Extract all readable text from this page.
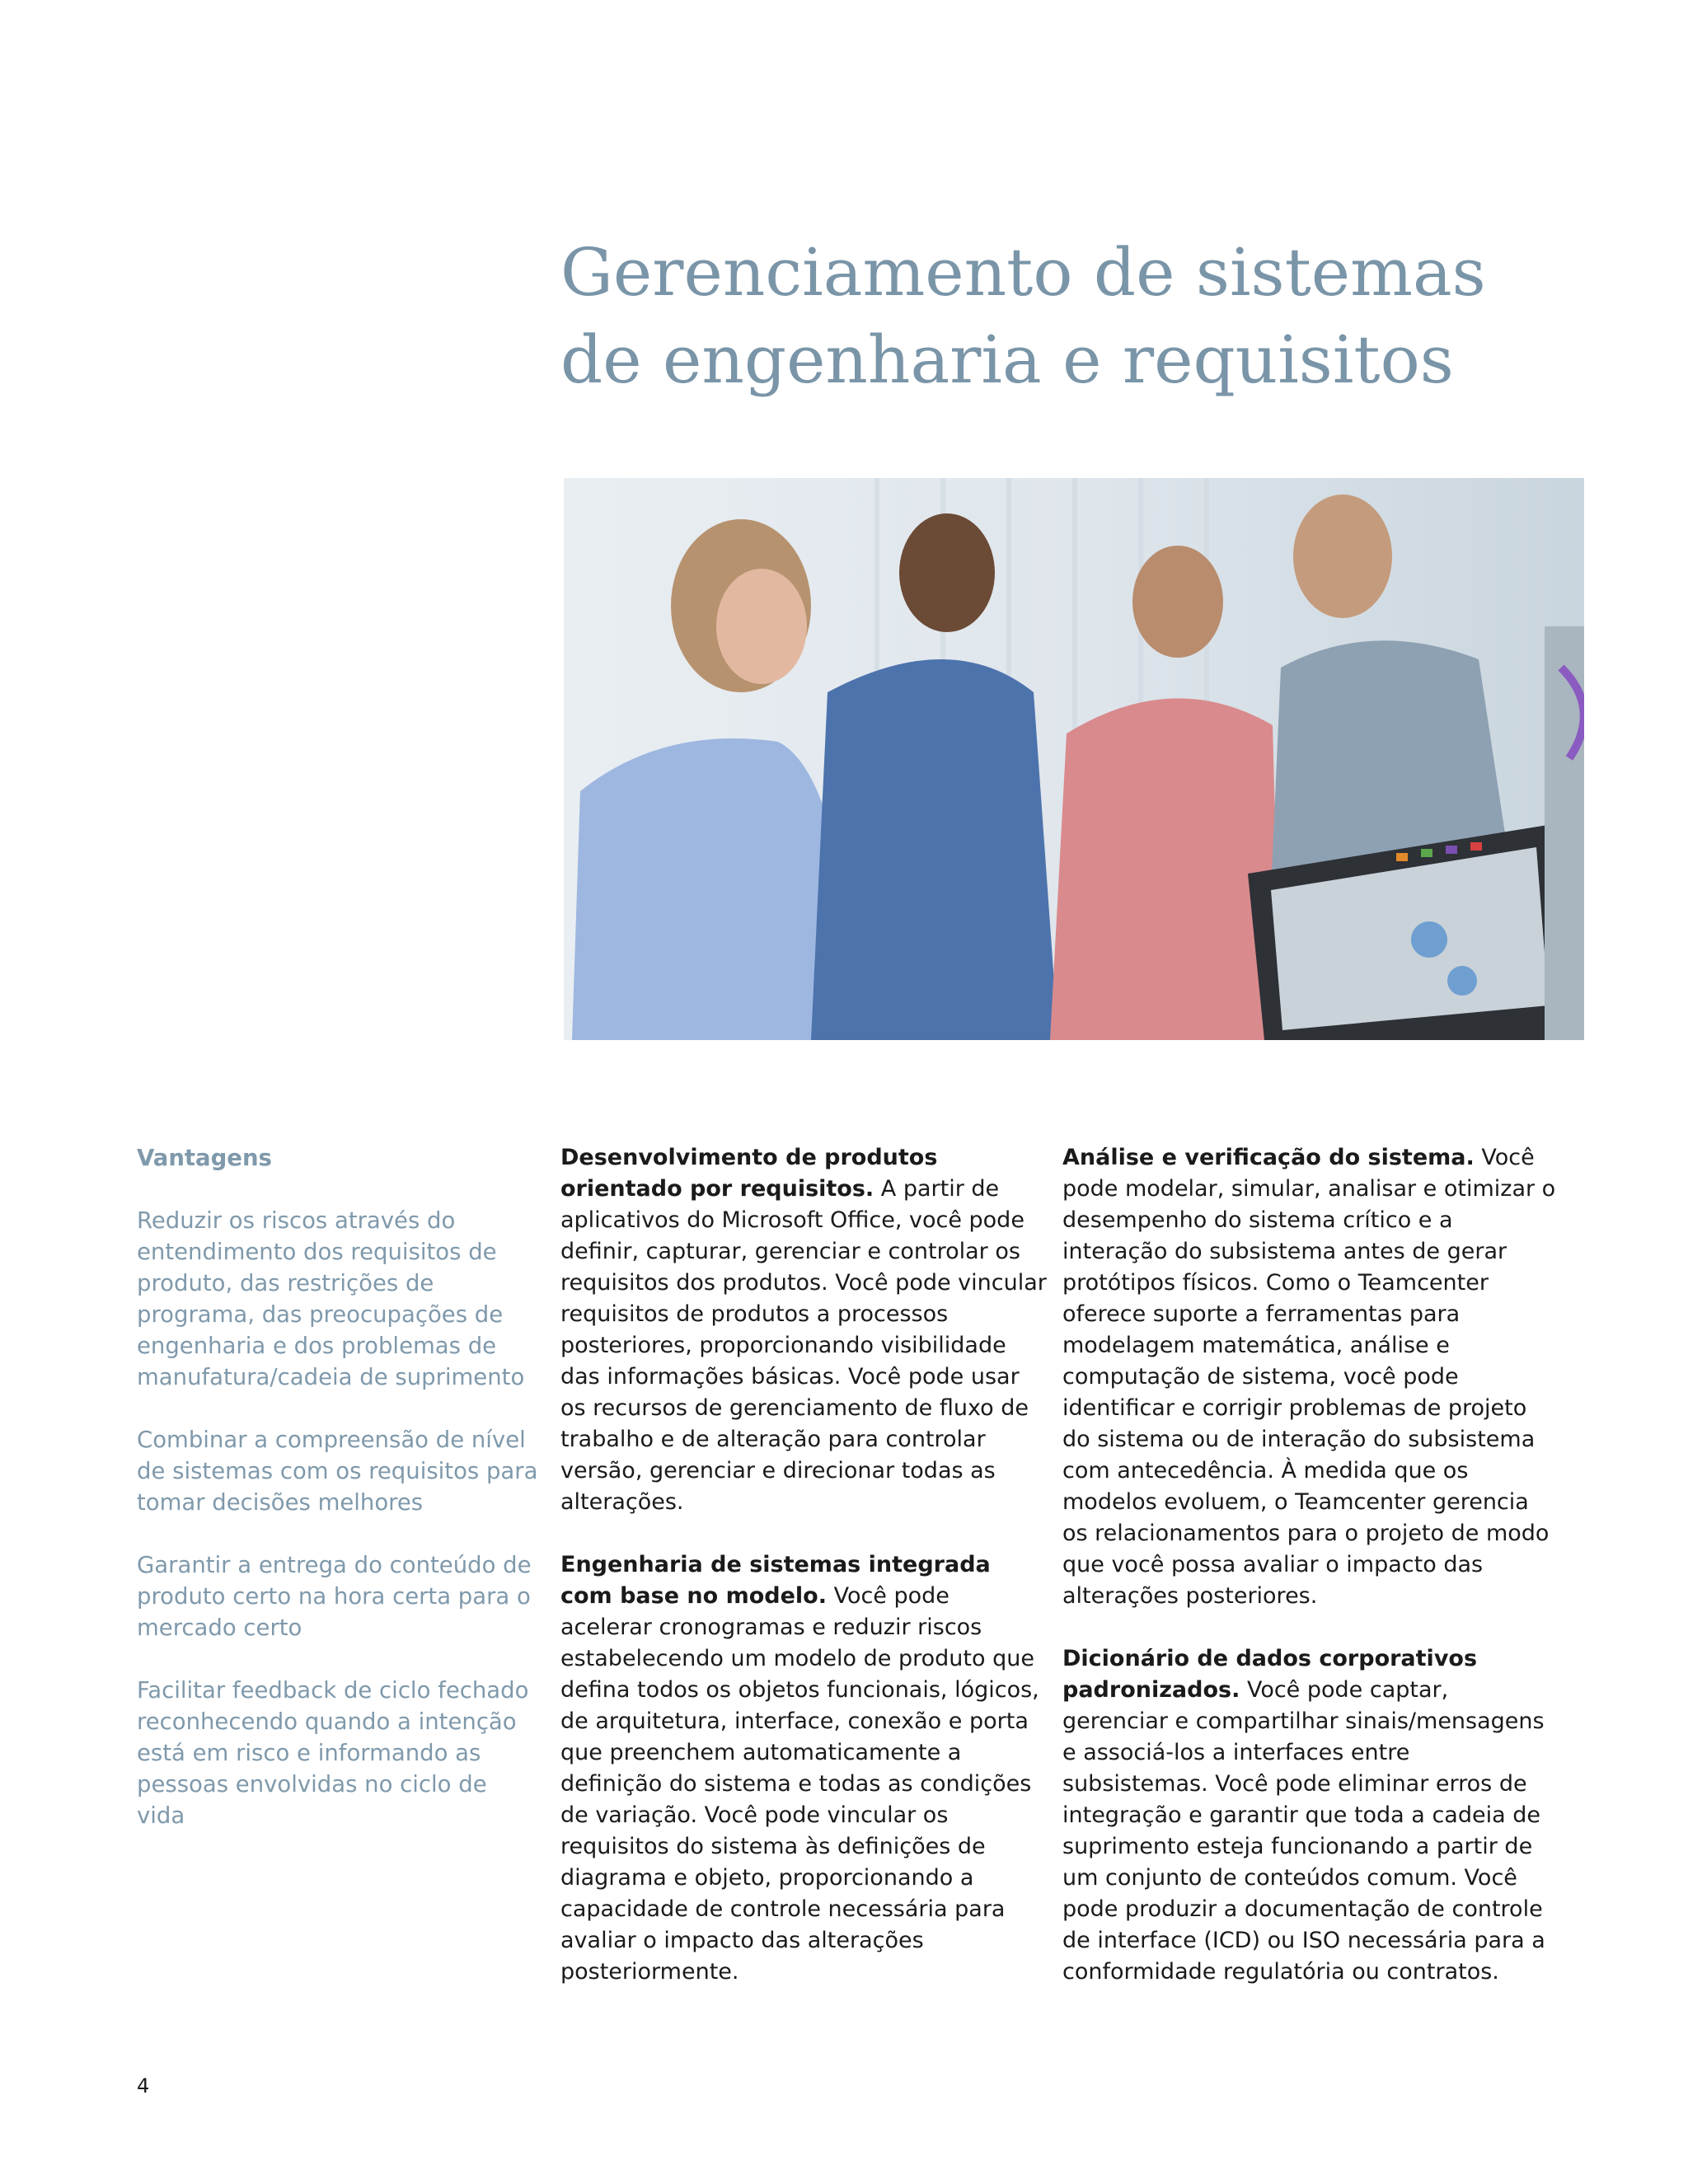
Gerenciamento de sistemas
de engenharia e requisitos
Vantagens

Reduzir os riscos através do entendimento dos requisitos de produto, das restrições de programa, das preocupações de engenharia e dos problemas de manufatura/cadeia de suprimento

Combinar a compreensão de nível de sistemas com os requisitos para tomar decisões melhores

Garantir a entrega do conteúdo de produto certo na hora certa para o mercado certo

Facilitar feedback de ciclo fechado reconhecendo quando a intenção está em risco e informando as pessoas envolvidas no ciclo de vida

Desenvolvimento de produtos orientado por requisitos. A partir de aplicativos do Microsoft Office, você pode definir, capturar, gerenciar e controlar os requisitos dos produtos. Você pode vincular requisitos de produtos a processos posteriores, proporcionando visibilidade das informações básicas. Você pode usar os recursos de gerenciamento de fluxo de trabalho e de alteração para controlar versão, gerenciar e direcionar todas as alterações.

Engenharia de sistemas integrada com base no modelo. Você pode acelerar cronogramas e reduzir riscos estabelecendo um modelo de produto que defina todos os objetos funcionais, lógicos, de arquitetura, interface, conexão e porta que preenchem automaticamente a definição do sistema e todas as condições de variação. Você pode vincular os requisitos do sistema às definições de diagrama e objeto, proporcionando a capacidade de controle necessária para avaliar o impacto das alterações posteriormente.

Análise e verificação do sistema. Você pode modelar, simular, analisar e otimizar o desempenho do sistema crítico e a interação do subsistema antes de gerar protótipos físicos. Como o Teamcenter oferece suporte a ferramentas para modelagem matemática, análise e computação de sistema, você pode identificar e corrigir problemas de projeto do sistema ou de interação do subsistema com antecedência. À medida que os modelos evoluem, o Teamcenter gerencia os relacionamentos para o projeto de modo que você possa avaliar o impacto das alterações posteriores.

Dicionário de dados corporativos padronizados. Você pode captar, gerenciar e compartilhar sinais/mensagens e associá-los a interfaces entre subsistemas. Você pode eliminar erros de integração e garantir que toda a cadeia de suprimento esteja funcionando a partir de um conjunto de conteúdos comum. Você pode produzir a documentação de controle de interface (ICD) ou ISO necessária para a conformidade regulatória ou contratos.

4
